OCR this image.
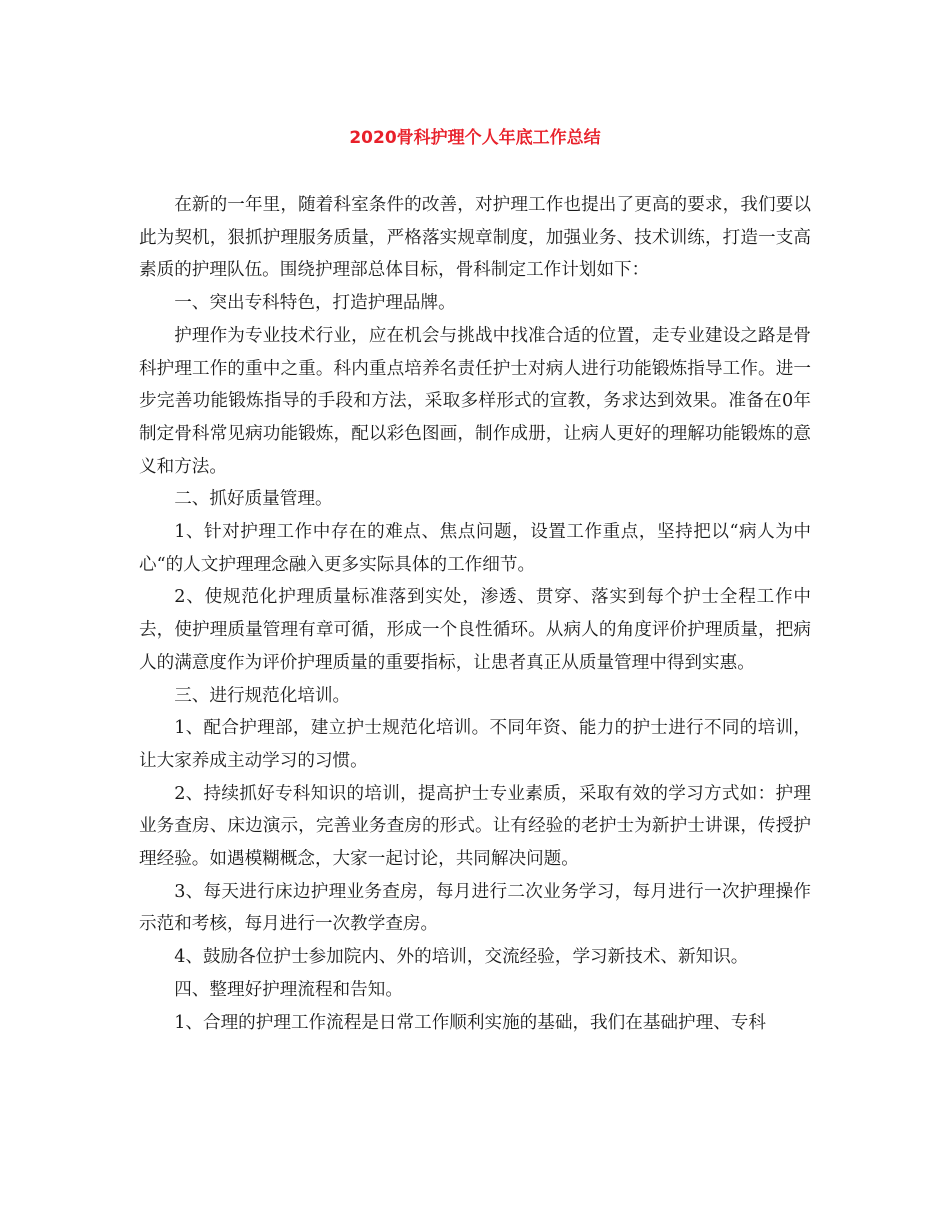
2020骨科护理个人年底工作总结

在新的一年里，随着科室条件的改善，对护理工作也提出了更高的要求，我们要以此为契机，狠抓护理服务质量，严格落实规章制度，加强业务、技术训练，打造一支高素质的护理队伍。围绕护理部总体目标，骨科制定工作计划如下：

一、突出专科特色，打造护理品牌。

护理作为专业技术行业，应在机会与挑战中找准合适的位置，走专业建设之路是骨科护理工作的重中之重。科内重点培养名责任护士对病人进行功能锻炼指导工作。进一步完善功能锻炼指导的手段和方法，采取多样形式的宣教，务求达到效果。准备在0年制定骨科常见病功能锻炼，配以彩色图画，制作成册，让病人更好的理解功能锻炼的意义和方法。

二、抓好质量管理。

1、针对护理工作中存在的难点、焦点问题，设置工作重点，坚持把以“病人为中心“的人文护理理念融入更多实际具体的工作细节。

2、使规范化护理质量标准落到实处，渗透、贯穿、落实到每个护士全程工作中去，使护理质量管理有章可循，形成一个良性循环。从病人的角度评价护理质量，把病人的满意度作为评价护理质量的重要指标，让患者真正从质量管理中得到实惠。

三、进行规范化培训。

1、配合护理部，建立护士规范化培训。不同年资、能力的护士进行不同的培训，让大家养成主动学习的习惯。

2、持续抓好专科知识的培训，提高护士专业素质，采取有效的学习方式如：护理业务查房、床边演示，完善业务查房的形式。让有经验的老护士为新护士讲课，传授护理经验。如遇模糊概念，大家一起讨论，共同解决问题。

3、每天进行床边护理业务查房，每月进行二次业务学习，每月进行一次护理操作示范和考核，每月进行一次教学查房。

4、鼓励各位护士参加院内、外的培训，交流经验，学习新技术、新知识。

四、整理好护理流程和告知。

1、合理的护理工作流程是日常工作顺利实施的基础，我们在基础护理、专科
